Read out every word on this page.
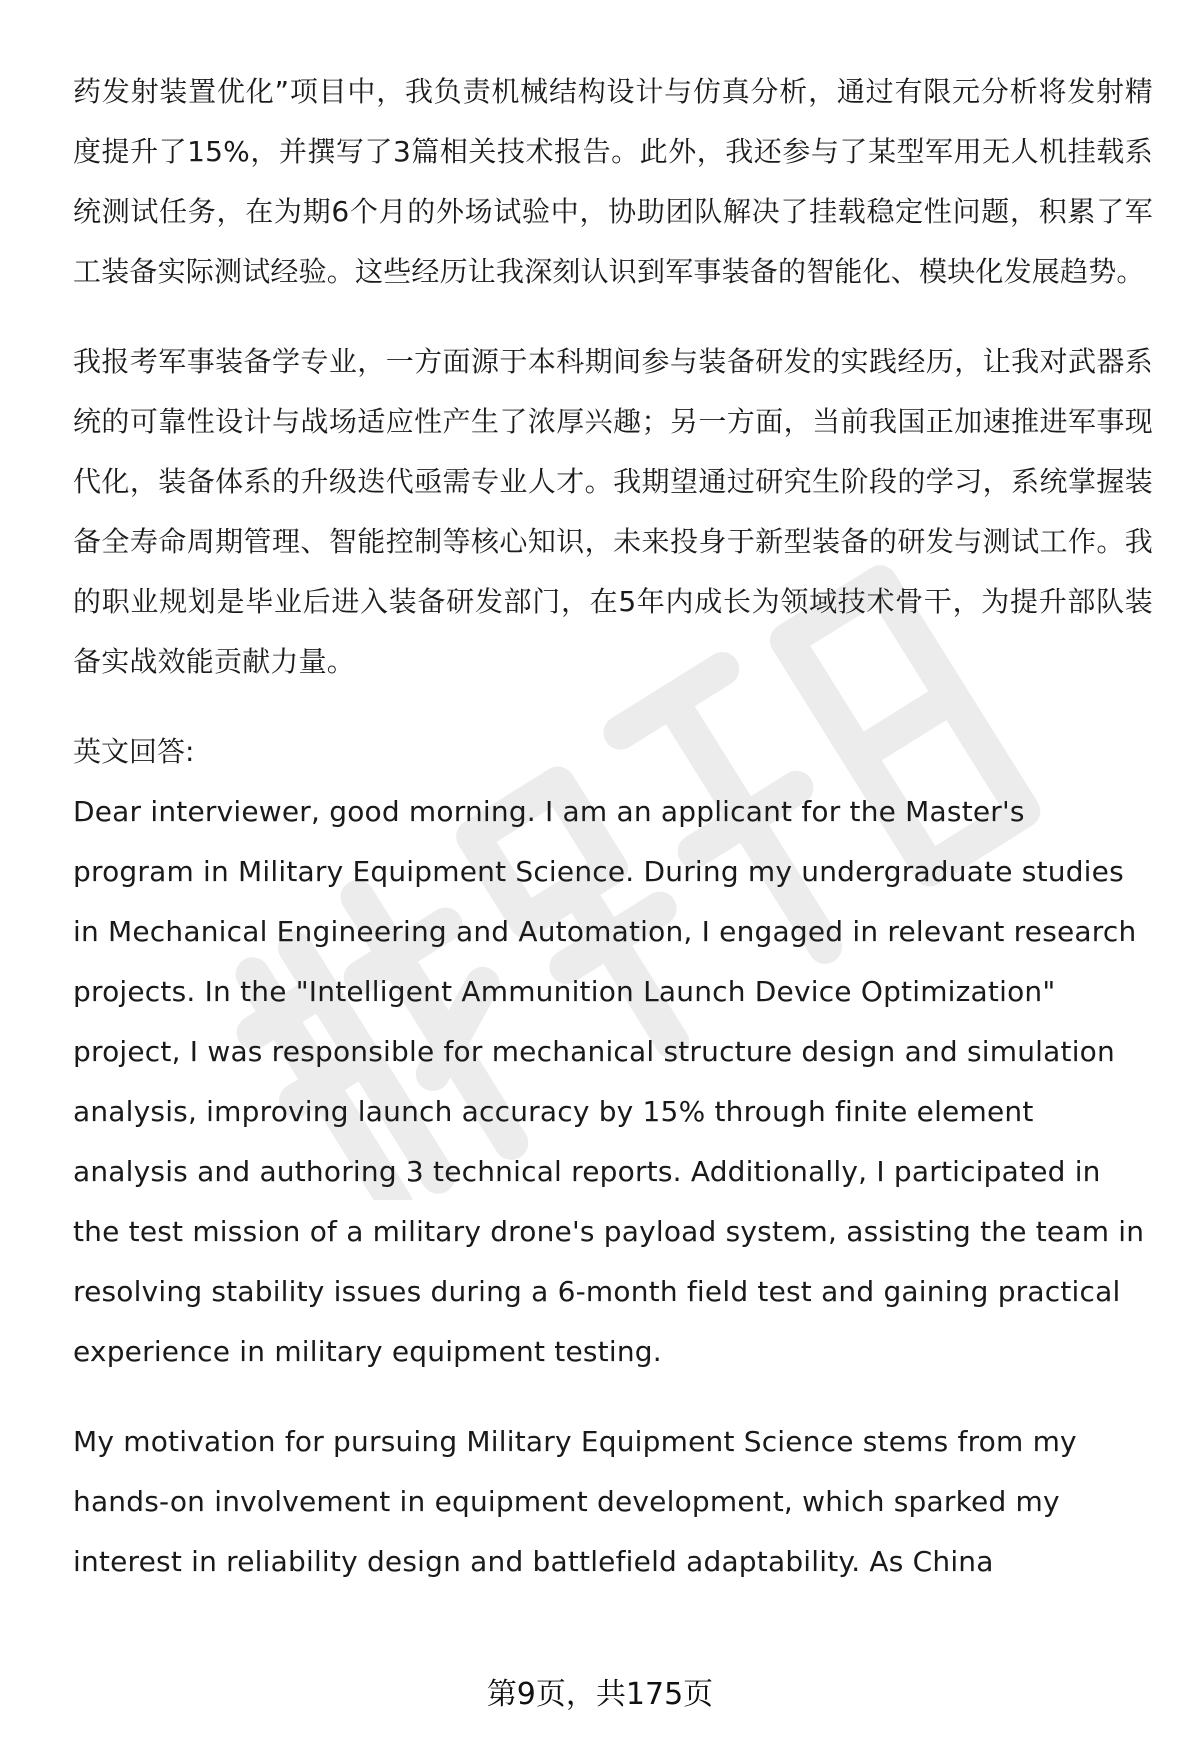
药发射装置优化”项目中，我负责机械结构设计与仿真分析，通过有限元分析将发射精度提升了15%，并撰写了3篇相关技术报告。此外，我还参与了某型军用无人机挂载系统测试任务，在为期6个月的外场试验中，协助团队解决了挂载稳定性问题，积累了军工装备实际测试经验。这些经历让我深刻认识到军事装备的智能化、模块化发展趋势。

我报考军事装备学专业，一方面源于本科期间参与装备研发的实践经历，让我对武器系统的可靠性设计与战场适应性产生了浓厚兴趣；另一方面，当前我国正加速推进军事现代化，装备体系的升级迭代亟需专业人才。我期望通过研究生阶段的学习，系统掌握装备全寿命周期管理、智能控制等核心知识，未来投身于新型装备的研发与测试工作。我的职业规划是毕业后进入装备研发部门，在5年内成长为领域技术骨干，为提升部队装备实战效能贡献力量。

英文回答:

Dear interviewer, good morning. I am an applicant for the Master's program in Military Equipment Science. During my undergraduate studies in Mechanical Engineering and Automation, I engaged in relevant research projects. In the "Intelligent Ammunition Launch Device Optimization" project, I was responsible for mechanical structure design and simulation analysis, improving launch accuracy by 15% through finite element analysis and authoring 3 technical reports. Additionally, I participated in the test mission of a military drone's payload system, assisting the team in resolving stability issues during a 6-month field test and gaining practical experience in military equipment testing.

My motivation for pursuing Military Equipment Science stems from my hands-on involvement in equipment development, which sparked my interest in reliability design and battlefield adaptability. As China

第9页，共175页
